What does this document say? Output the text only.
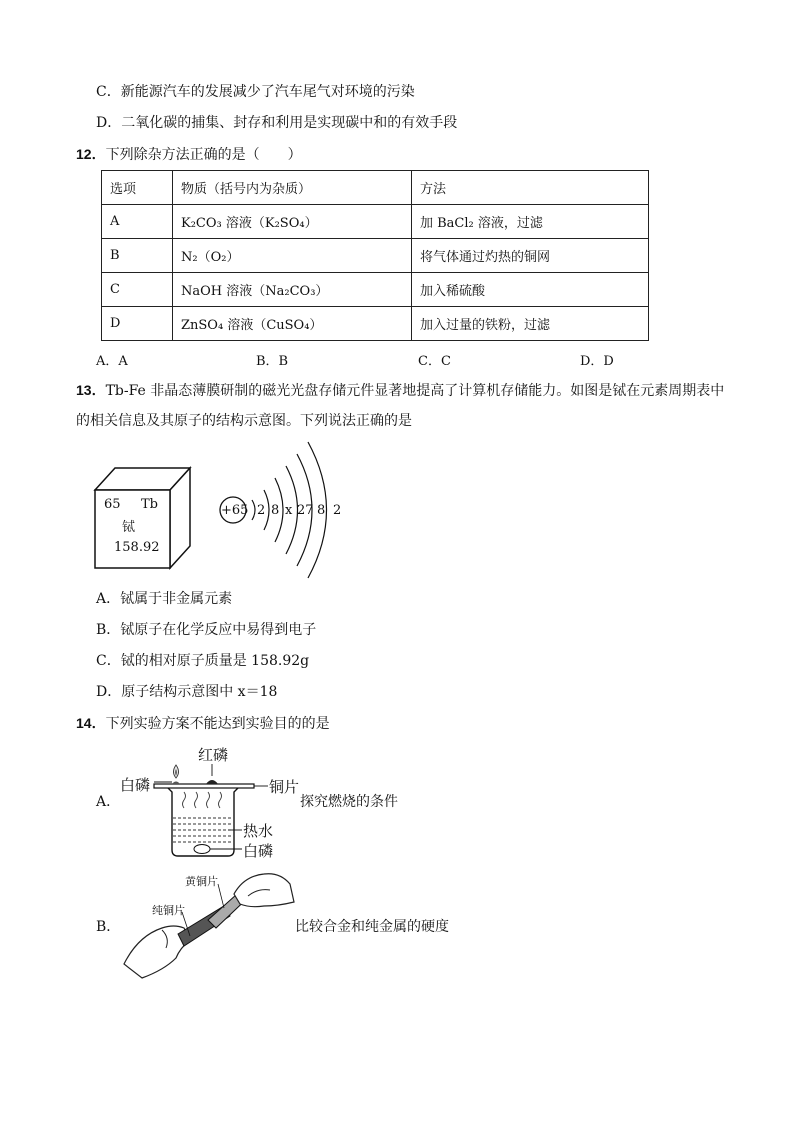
C．新能源汽车的发展减少了汽车尾气对环境的污染
D．二氧化碳的捕集、封存和利用是实现碳中和的有效手段
12．下列除杂方法正确的是（　　）
选项	物质（括号内为杂质）	方法
A	K₂CO₃ 溶液（K₂SO₄）	加 BaCl₂ 溶液，过滤
B	N₂（O₂）	将气体通过灼热的铜网
C	NaOH 溶液（Na₂CO₃）	加入稀硫酸
D	ZnSO₄ 溶液（CuSO₄）	加入过量的铁粉，过滤
A．A	B．B	C．C	D．D
13．Tb-Fe 非晶态薄膜研制的磁光光盘存储元件显著地提高了计算机存储能力。如图是铽在元素周期表中
的相关信息及其原子的结构示意图。下列说法正确的是
65 Tb
铽
158.92
+65 2 8 x 27 8 2
A．铽属于非金属元素
B．铽原子在化学反应中易得到电子
C．铽的相对原子质量是 158.92g
D．原子结构示意图中 x＝18
14．下列实验方案不能达到实验目的的是
A．
红磷
白磷	铜片
热水
白磷
探究燃烧的条件
B．
黄铜片
纯铜片
比较合金和纯金属的硬度
